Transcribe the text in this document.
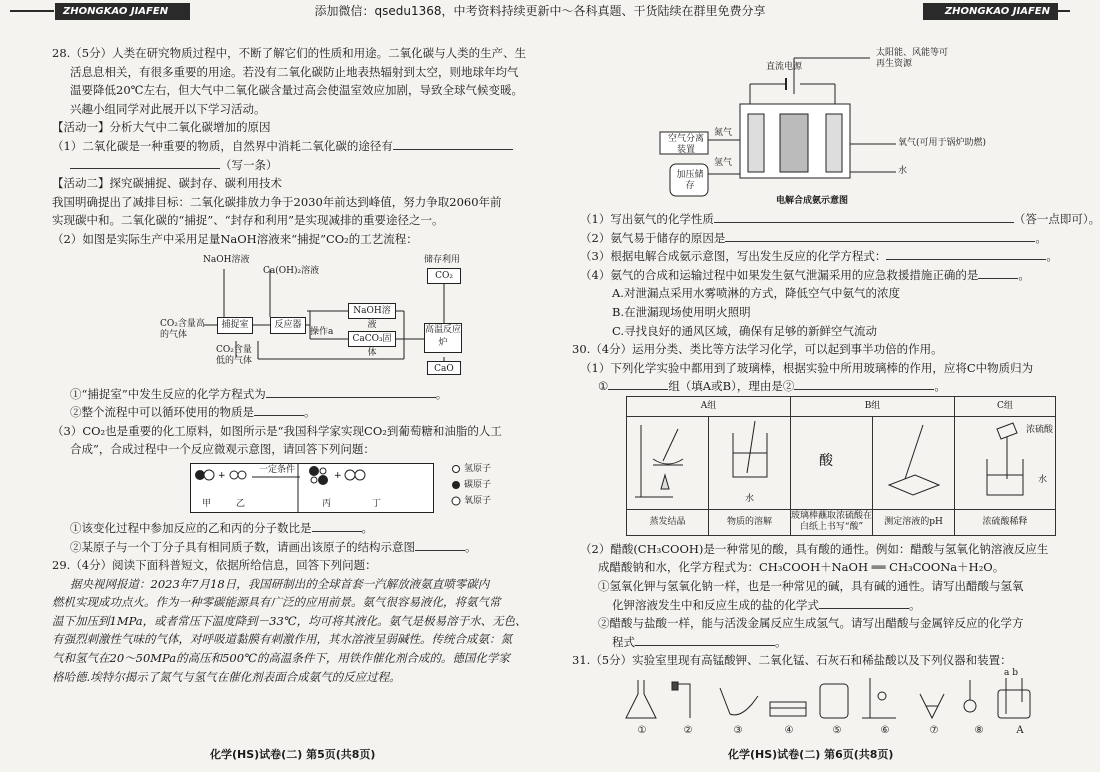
ZHONGKAO JIAFEN	ZHONGKAO JIAFEN
添加微信：qsedu1368，中考资料持续更新中～各科真题、干货陆续在群里免费分享
28.（5分）人类在研究物质过程中，不断了解它们的性质和用途。二氧化碳与人类的生产、生
活息息相关，有很多重要的用途。若没有二氧化碳防止地表热辐射到太空，则地球年均气
温要降低20℃左右，但大气中二氧化碳含量过高会使温室效应加剧，导致全球气候变暖。
兴趣小组同学对此展开以下学习活动。
【活动一】分析大气中二氧化碳增加的原因
（1）二氧化碳是一种重要的物质，自然界中消耗二氧化碳的途径有
（写一条）
【活动二】探究碳捕捉、碳封存、碳利用技术
我国明确提出了减排目标：二氧化碳排放力争于2030年前达到峰值，努力争取2060年前
实现碳中和。二氧化碳的“捕捉”、“封存和利用”是实现减排的重要途径之一。
（2）如图是实际生产中采用足量NaOH溶液来“捕捉”CO₂的工艺流程：
NaOH溶液
Ca(OH)₂溶液
储存利用
CO₂
CO₂含量高的气体
捕捉室	反应器
NaOH溶液
操作a
CaCO₃固体
高温反应炉
CO₂含量低的气体
CaO
①“捕捉室”中发生反应的化学方程式为	。
②整个流程中可以循环使用的物质是	。
（3）CO₂也是重要的化工原料，如图所示是“我国科学家实现CO₂到葡萄糖和油脂的人工
合成”，合成过程中一个反应微观示意图，请回答下列问题：
+	+
一定条件
甲	乙	丙	丁
氢原子
碳原子
氧原子
①该变化过程中参加反应的乙和丙的分子数比是	。
②某原子与一个丁分子具有相同质子数，请画出该原子的结构示意图	。
29.（4分）阅读下面科普短文，依据所给信息，回答下列问题：
据央视网报道：2023年7月18日，我国研制出的全球首套一汽解放液氨直喷零碳内
燃机实现成功点火。作为一种零碳能源具有广泛的应用前景。氨气很容易液化，将氨气常
温下加压到1MPa，或者常压下温度降到－33℃，均可将其液化。氨气是极易溶于水、无色、
有强烈刺激性气味的气体，对呼吸道黏膜有刺激作用，其水溶液呈弱碱性。传统合成氨：氮
气和氢气在20～50MPa的高压和500℃的高温条件下，用铁作催化剂合成的。德国化学家
格哈德.埃特尔揭示了氮气与氢气在催化剂表面合成氨气的反应过程。
化学(HS)试卷(二) 第5页(共8页)
太阳能、风能等可再生资源
直流电源
空气分离装置
氮气
氢气
加压储存
氧气(可用于锅炉助燃)
水
电解合成氨示意图
（1）写出氨气的化学性质	（答一点即可）。
（2）氨气易于储存的原因是	。
（3）根据电解合成氨示意图，写出发生反应的化学方程式：	。
（4）氨气的合成和运输过程中如果发生氨气泄漏采用的应急救援措施正确的是	。
A.对泄漏点采用水雾喷淋的方式，降低空气中氨气的浓度
B.在泄漏现场使用明火照明
C.寻找良好的通风区域，确保有足够的新鲜空气流动
30.（4分）运用分类、类比等方法学习化学，可以起到事半功倍的作用。
（1）下列化学实验中都用到了玻璃棒，根据实验中所用玻璃棒的作用，应将C中物质归为
①	组（填A或B），理由是②	。
A组		B组		C组

水	酸		浓硫酸
水

蒸发结晶	物质的溶解	玻璃棒蘸取浓硫酸在白纸上书写“酸”	测定溶液的pH	浓硫酸稀释
（2）醋酸(CH₃COOH)是一种常见的酸，具有酸的通性。例如：醋酸与氢氧化钠溶液反应生
成醋酸钠和水，化学方程式为：CH₃COOH＋NaOH ══ CH₃COONa＋H₂O。
①氢氧化钾与氢氧化钠一样，也是一种常见的碱，具有碱的通性。请写出醋酸与氢氧
化钾溶液发生中和反应生成的盐的化学式	。
②醋酸与盐酸一样，能与活泼金属反应生成氢气。请写出醋酸与金属锌反应的化学方
程式	。
31.（5分）实验室里现有高锰酸钾、二氧化锰、石灰石和稀盐酸以及下列仪器和装置：
a b
①	②	③	④	⑤	⑥	⑦	⑧	A
化学(HS)试卷(二) 第6页(共8页)
